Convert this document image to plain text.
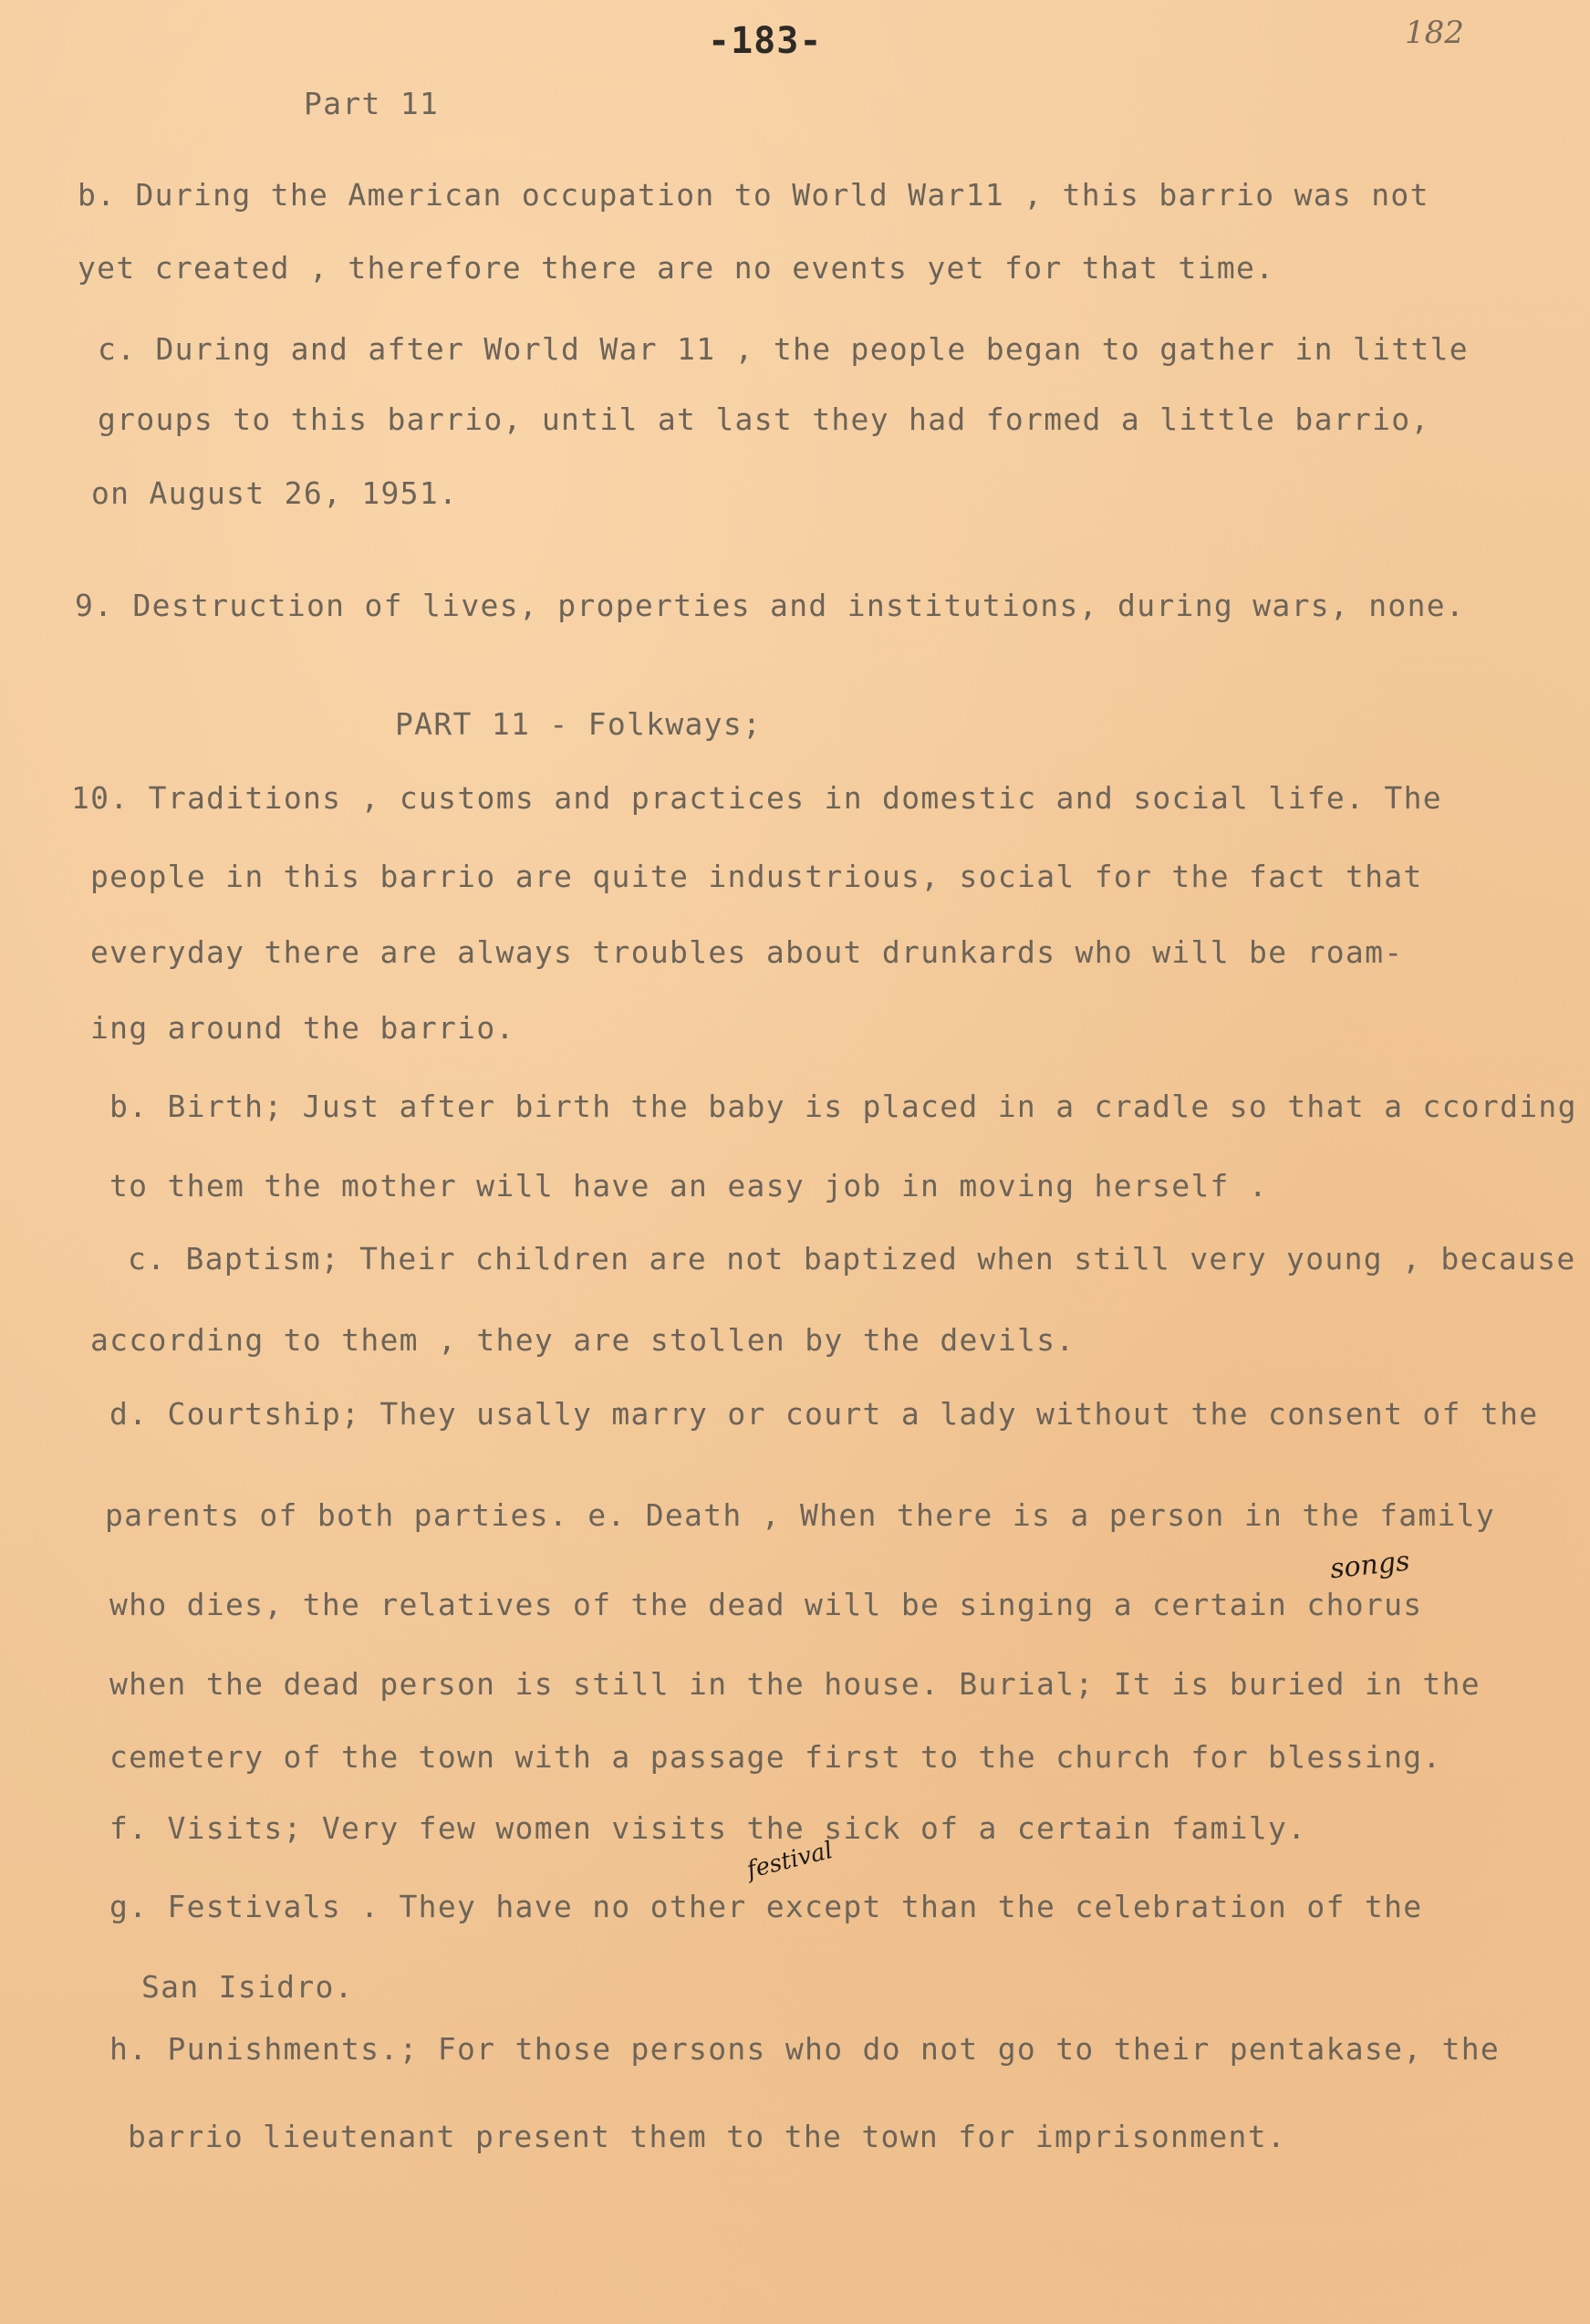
-183-	182
Part 11
b. During the American occupation to World War11 , this barrio was not
yet created , therefore there are no events yet for that time.
c. During and after World War 11 , the people began to gather in little
groups to this barrio, until at last they had formed a little barrio,
on August 26, 1951.
9. Destruction of lives, properties and institutions, during wars, none.
PART 11 - Folkways;
10. Traditions , customs and practices in domestic and social life. The
people in this barrio are quite industrious, social for the fact that
everyday there are always troubles about drunkards who will be roam-
ing around the barrio.
b. Birth; Just after birth the baby is placed in a cradle so that a ccording
to them the mother will have an easy job in moving herself .
c. Baptism; Their children are not baptized when still very young , because
according to them , they are stollen by the devils.
d. Courtship; They usally marry or court a lady without the consent of the
parents of both parties. e. Death , When there is a person in the family
who dies, the relatives of the dead will be singing a certain chorus
when the dead person is still in the house. Burial; It is buried in the
cemetery of the town with a passage first to the church for blessing.
f. Visits; Very few women visits the sick of a certain family.
g. Festivals . They have no other except than the celebration of the
San Isidro.
h. Punishments.; For those persons who do not go to their pentakase, the
barrio lieutenant present them to the town for imprisonment.
songs
festival
